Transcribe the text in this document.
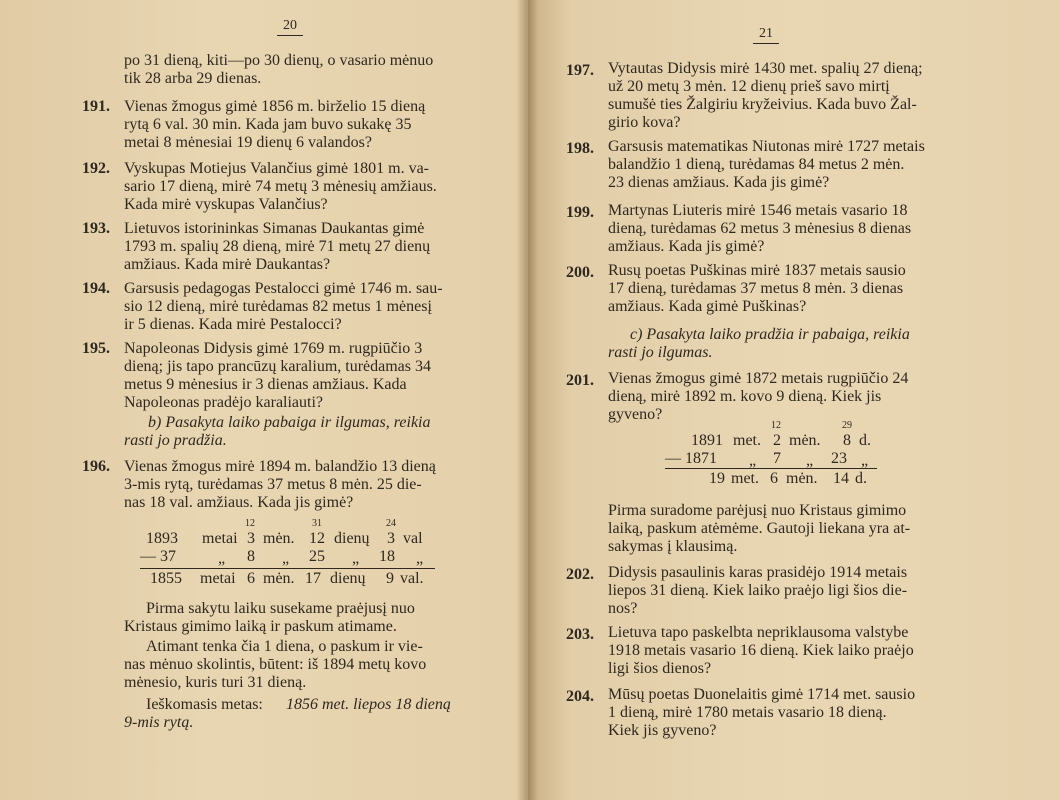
20
po 31 dieną, kiti—po 30 dienų, o vasario mėnuo
tik 28 arba 29 dienas.
191. Vienas žmogus gimė 1856 m. birželio 15 dieną
rytą 6 val. 30 min. Kada jam buvo sukakę 35
metai 8 mėnesiai 19 dienų 6 valandos?
192. Vyskupas Motiejus Valančius gimė 1801 m. va-
sario 17 dieną, mirė 74 metų 3 mėnesių amžiaus.
Kada mirė vyskupas Valančius?
193. Lietuvos istorininkas Simanas Daukantas gimė
1793 m. spalių 28 dieną, mirė 71 metų 27 dienų
amžiaus. Kada mirė Daukantas?
194. Garsusis pedagogas Pestalocci gimė 1746 m. sau-
sio 12 dieną, mirė turėdamas 82 metus 1 mėnesį
ir 5 dienas. Kada mirė Pestalocci?
195. Napoleonas Didysis gimė 1769 m. rugpiūčio 3
dieną; jis tapo prancūzų karalium, turėdamas 34
metus 9 mėnesius ir 3 dienas amžiaus. Kada
Napoleonas pradėjo karaliauti?
b) Pasakyta laiko pabaiga ir ilgumas, reikia
rasti jo pradžia.
196. Vienas žmogus mirė 1894 m. balandžio 13 dieną
3-mis rytą, turėdamas 37 metus 8 mėn. 25 die-
nas 18 val. amžiaus. Kada jis gimė?
12	31	24
1893 metai 3 mėn. 12 dienų 3 val
— 37	„ 8 „ 25 „ 18 „
1855 metai 6 mėn. 17 dienų 9 val.
Pirma sakytu laiku susekame praėjusį nuo
Kristaus gimimo laiką ir paskum atimame.
Atimant tenka čia 1 diena, o paskum ir vie-
nas mėnuo skolintis, būtent: iš 1894 metų kovo
mėnesio, kuris turi 31 dieną.
Ieškomasis metas: 1856 met. liepos 18 dieną
9-mis rytą.
21
197. Vytautas Didysis mirė 1430 met. spalių 27 dieną;
už 20 metų 3 mėn. 12 dienų prieš savo mirtį
sumušė ties Žalgiriu kryžeivius. Kada buvo Žal-
girio kova?
198. Garsusis matematikas Niutonas mirė 1727 metais
balandžio 1 dieną, turėdamas 84 metus 2 mėn.
23 dienas amžiaus. Kada jis gimė?
199. Martynas Liuteris mirė 1546 metais vasario 18
dieną, turėdamas 62 metus 3 mėnesius 8 dienas
amžiaus. Kada jis gimė?
200. Rusų poetas Puškinas mirė 1837 metais sausio
17 dieną, turėdamas 37 metus 8 mėn. 3 dienas
amžiaus. Kada gimė Puškinas?
c) Pasakyta laiko pradžia ir pabaiga, reikia
rasti jo ilgumas.
201. Vienas žmogus gimė 1872 metais rugpiūčio 24
dieną, mirė 1892 m. kovo 9 dieną. Kiek jis
gyveno?
12	29
1891 met. 2 mėn. 8 d.
— 1871 „ 7 „ 23 „
19 met. 6 mėn. 14 d.
Pirma suradome parėjusį nuo Kristaus gimimo
laiką, paskum atėmėme. Gautoji liekana yra at-
sakymas į klausimą.
202. Didysis pasaulinis karas prasidėjo 1914 metais
liepos 31 dieną. Kiek laiko praėjo ligi šios die-
nos?
203. Lietuva tapo paskelbta nepriklausoma valstybe
1918 metais vasario 16 dieną. Kiek laiko praėjo
ligi šios dienos?
204. Mūsų poetas Duonelaitis gimė 1714 met. sausio
1 dieną, mirė 1780 metais vasario 18 dieną.
Kiek jis gyveno?
